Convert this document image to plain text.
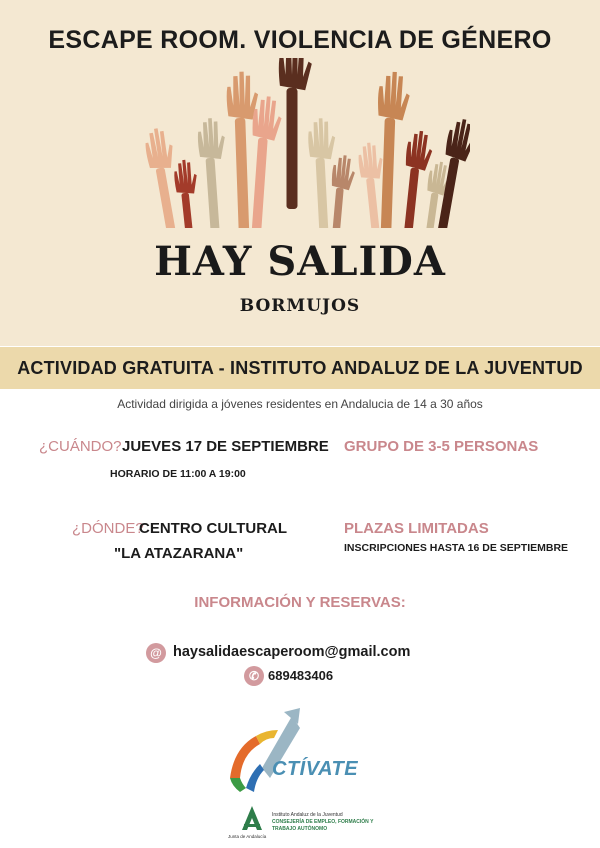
ESCAPE ROOM. VIOLENCIA DE GÉNERO
HAY SALIDA
BORMUJOS
ACTIVIDAD GRATUITA - INSTITUTO ANDALUZ DE LA JUVENTUD
Actividad dirigida a jóvenes residentes en Andalucia de 14 a 30 años
¿CUÁNDO? JUEVES 17 DE SEPTIEMBRE
HORARIO DE 11:00 A 19:00
GRUPO DE 3-5 PERSONAS
¿DÓNDE?
CENTRO CULTURAL
"LA ATAZARANA"
PLAZAS LIMITADAS
INSCRIPCIONES HASTA 16 DE SEPTIEMBRE
INFORMACIÓN Y RESERVAS:
@ haysalidaescaperoom@gmail.com
✆ 689483406
CTÍVATE
Junta de Andalucía
Instituto Andaluz de la Juventud
CONSEJERÍA DE EMPLEO, FORMACIÓN Y
TRABAJO AUTÓNOMO
